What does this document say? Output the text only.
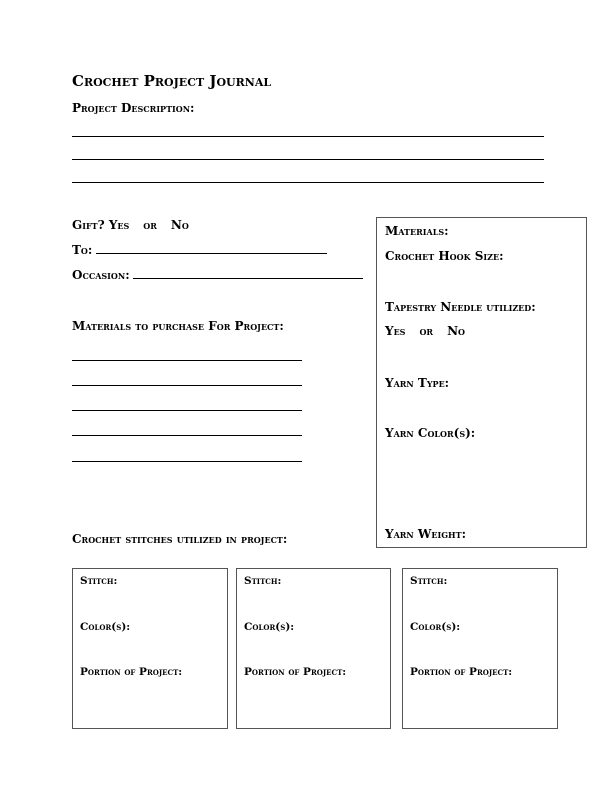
Crochet Project Journal
Project Description:
Gift? Yes or No
To:
Occasion:
Materials to purchase For Project:
Materials:
Crochet Hook Size:
Tapestry Needle utilized:
Yes or No
Yarn Type:
Yarn Color(s):
Yarn Weight:
Crochet stitches utilized in project:
Stitch:
Color(s):
Portion of Project:
Stitch:
Color(s):
Portion of Project:
Stitch:
Color(s):
Portion of Project:
